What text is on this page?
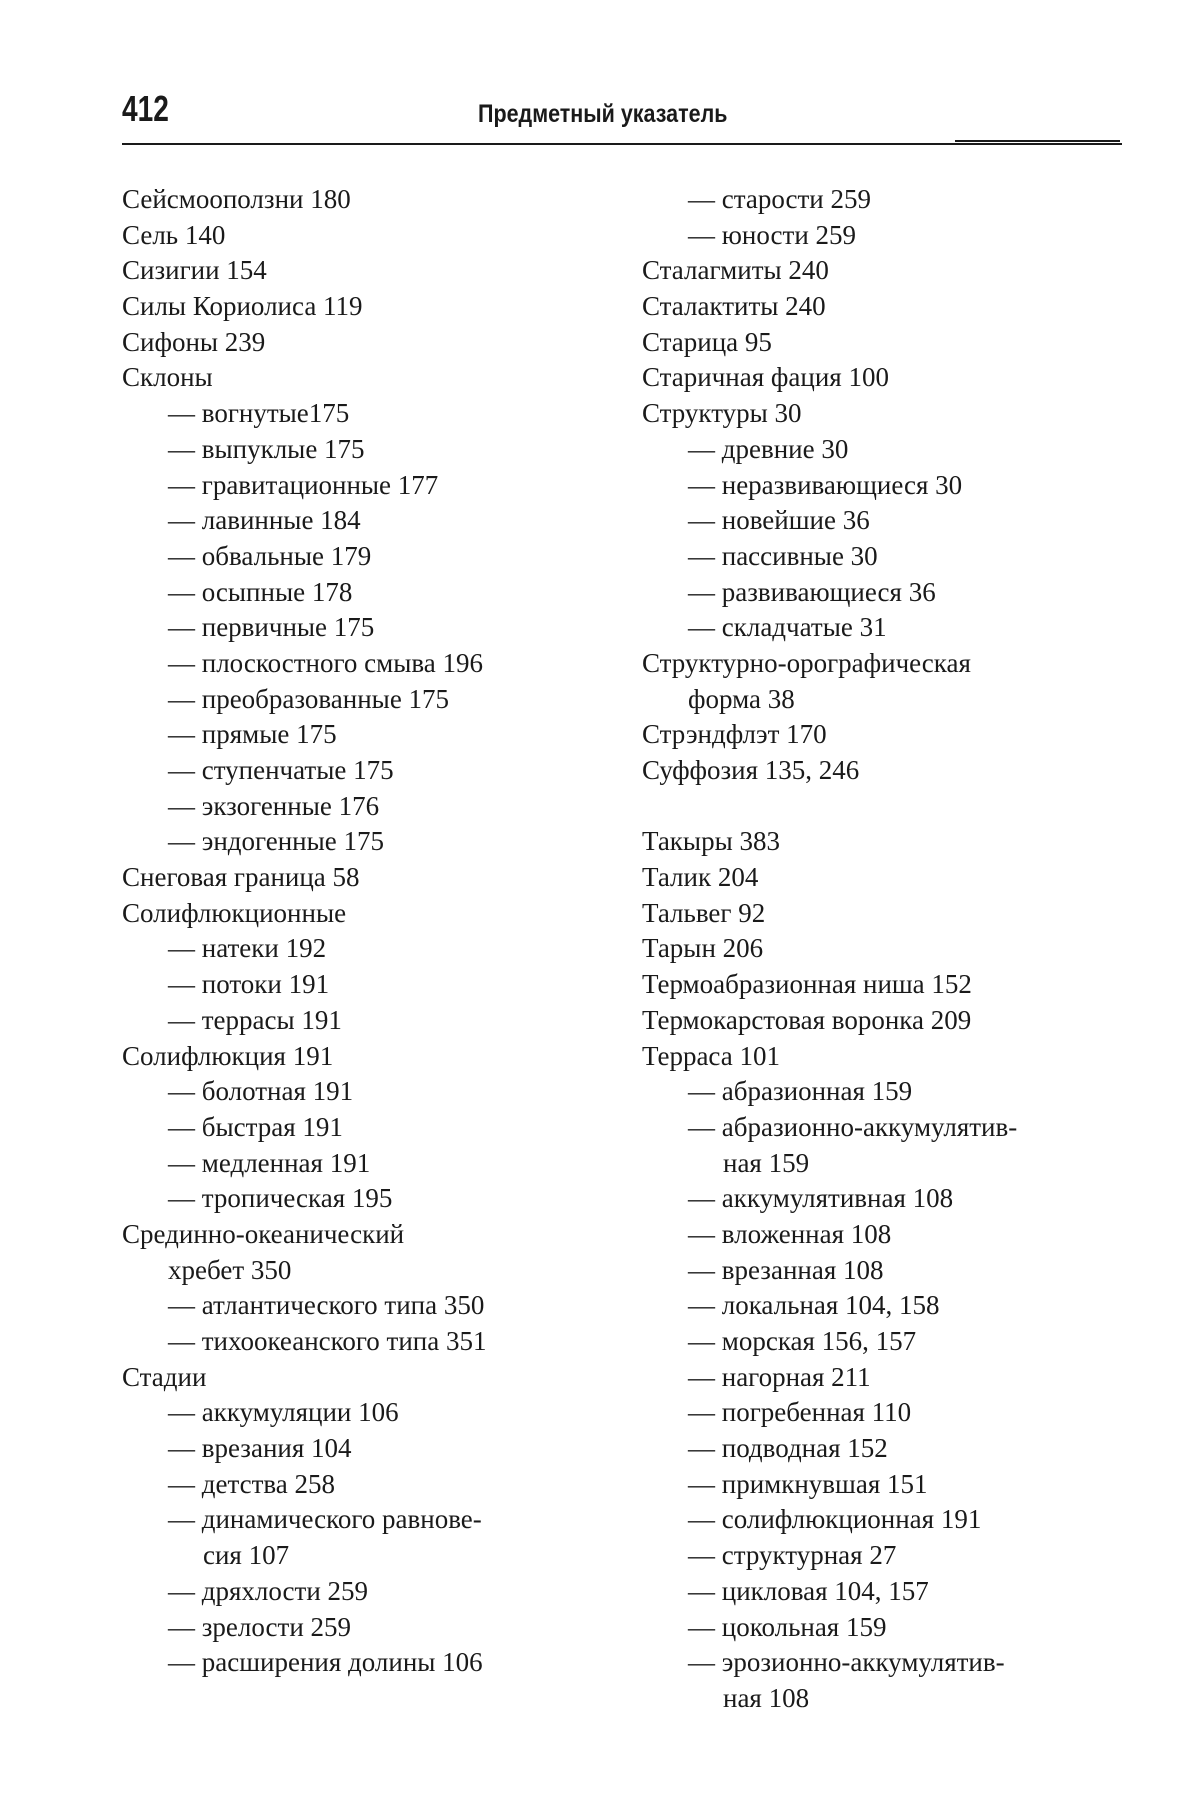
412	Предметный указатель
Сейсмооползни 180
Сель 140
Сизигии 154
Силы Кориолиса 119
Сифоны 239
Склоны
— вогнутые175
— выпуклые 175
— гравитационные 177
— лавинные 184
— обвальные 179
— осыпные 178
— первичные 175
— плоскостного смыва 196
— преобразованные 175
— прямые 175
— ступенчатые 175
— экзогенные 176
— эндогенные 175
Снеговая граница 58
Солифлюкционные
— натеки 192
— потоки 191
— террасы 191
Солифлюкция 191
— болотная 191
— быстрая 191
— медленная 191
— тропическая 195
Срединно-океанический
хребет 350
— атлантического типа 350
— тихоокеанского типа 351
Стадии
— аккумуляции 106
— врезания 104
— детства 258
— динамического равнове-
сия 107
— дряхлости 259
— зрелости 259
— расширения долины 106
— старости 259
— юности 259
Сталагмиты 240
Сталактиты 240
Старица 95
Старичная фация 100
Структуры 30
— древние 30
— неразвивающиеся 30
— новейшие 36
— пассивные 30
— развивающиеся 36
— складчатые 31
Структурно-орографическая
форма 38
Стрэндфлэт 170
Суффозия 135, 246
Такыры 383
Талик 204
Тальвег 92
Тарын 206
Термоабразионная ниша 152
Термокарстовая воронка 209
Терраса 101
— абразионная 159
— абразионно-аккумулятив-
ная 159
— аккумулятивная 108
— вложенная 108
— врезанная 108
— локальная 104, 158
— морская 156, 157
— нагорная 211
— погребенная 110
— подводная 152
— примкнувшая 151
— солифлюкционная 191
— структурная 27
— цикловая 104, 157
— цокольная 159
— эрозионно-аккумулятив-
ная 108
